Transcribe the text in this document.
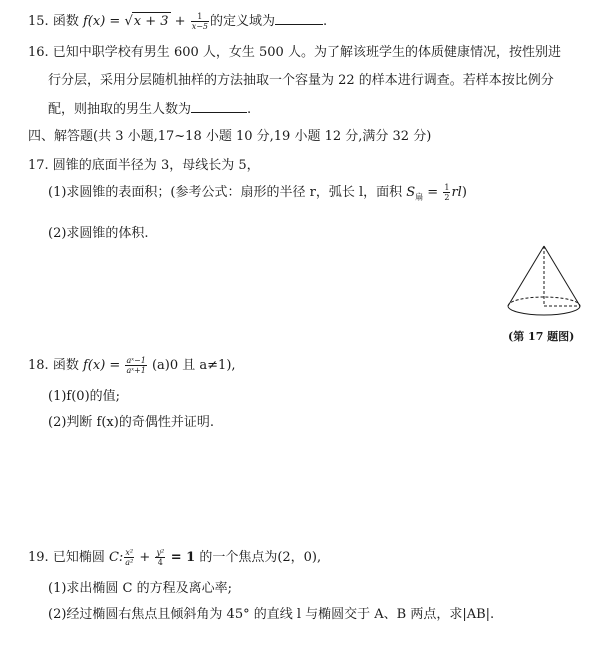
15. 函数 $f(x) = √x + 3 + \frac{1}{x-5}$ 的定义域为	.
16. 已知中职学校有男生 600 人，女生 500 人。为了解该班学生的体质健康情况，按性别进
行分层，采用分层随机抽样的方法抽取一个容量为 22 的样本进行调查。若样本按比例分
配，则抽取的男生人数为	.
四、解答题(共 3 小题,17~18 小题 10 分,19 小题 12 分,满分 32 分)
17. 圆锥的底面半径为 3，母线长为 5，
(1)求圆锥的表面积；(参考公式：扇形的半径 r，弧长 l，面积 $S_扇 = \frac{1}{2} rl$)
(2)求圆锥的体积.
(第 17 题图)
18. 函数 $f(x) = \frac{\text{aˣ−1}}{\text{aˣ+1}} (a)0$ 且 a≠1),
(1)f(0)的值;
(2)判断 f(x)的奇偶性并证明.
19. 已知椭圆 C: $\frac{\text{x²}}{\text{a²}} + \frac{\text{y²}}{4} = 1$ 的一个焦点为(2，0),
(1)求出椭圆 C 的方程及离心率;
(2)经过椭圆右焦点且倾斜角为 45° 的直线 l 与椭圆交于 A、B 两点，求|AB|.
